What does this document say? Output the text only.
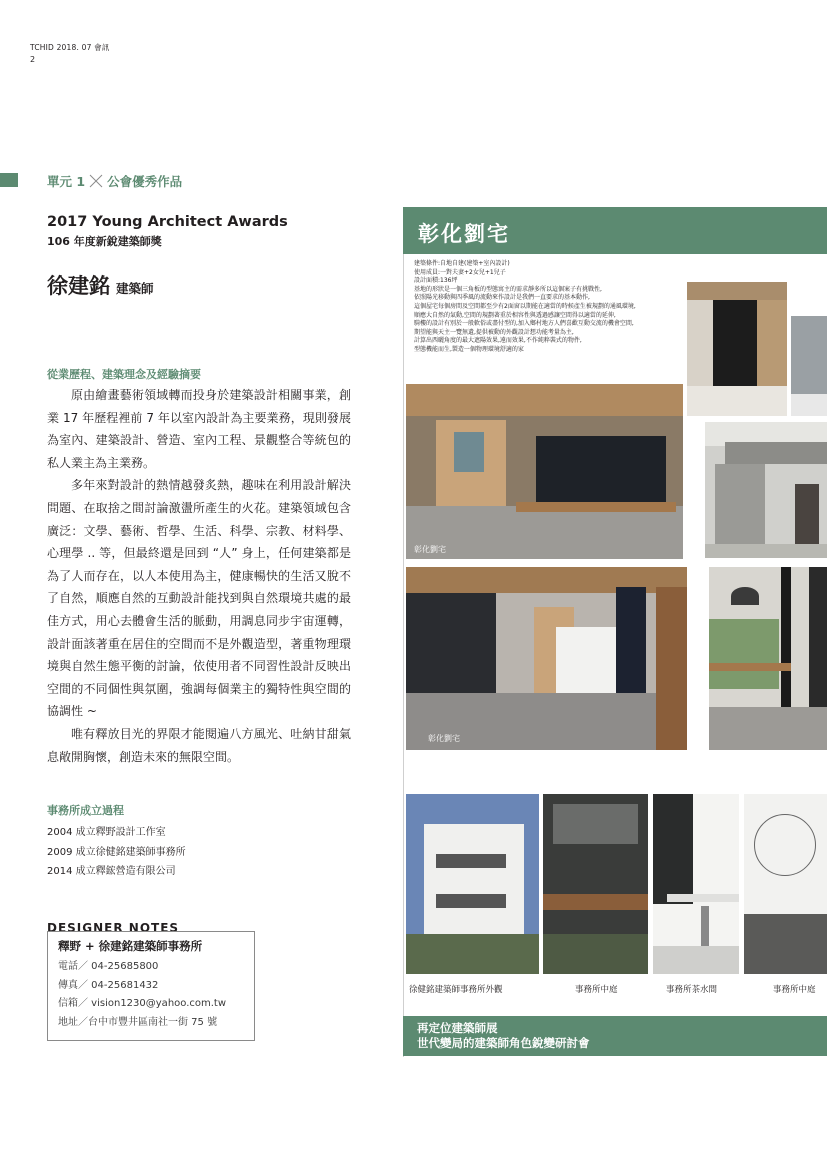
TCHID 2018. 07 會訊
2
單元 1 公會優秀作品
2017 Young Architect Awards
106 年度新銳建築師獎
徐建銘 建築師
從業歷程、建築理念及經驗摘要

原由繪畫藝術領域轉而投身於建築設計相關事業，創業 17 年歷程裡前 7 年以室內設計為主要業務，現則發展為室內、建築設計、營造、室內工程、景觀整合等統包的私人業主為主業務。

多年來對設計的熱情越發炙熱，趣味在利用設計解決問題、在取捨之間討論激盪所產生的火花。建築領域包含廣泛：文學、藝術、哲學、生活、科學、宗教、材料學、心理學 .. 等，但最終還是回到 “人” 身上，任何建築都是為了人而存在，以人本使用為主，健康暢快的生活又脫不了自然，順應自然的互動設計能找到與自然環境共處的最佳方式，用心去體會生活的脈動，用調息同步宇宙運轉，設計面該著重在居住的空間而不是外觀造型，著重物理環境與自然生態平衡的討論，依使用者不同習性設計反映出空間的不同個性與氛圍，強調每個業主的獨特性與空間的協調性 ~

唯有釋放目光的界限才能閱遍八方風光、吐納甘甜氣息敞開胸懷，創造未來的無限空間。

事務所成立過程
2004 成立釋野設計工作室
2009 成立徐健銘建築師事務所
2014 成立釋鋐營造有限公司
DESIGNER NOTES
釋野 + 徐建銘建築師事務所
電話／ 04-25685800
傳真／ 04-25681432
信箱／ vision1230@yahoo.com.tw
地址／台中市豐井區南社一街 75 號
彰化劉宅
建築條件:自地自建(建築+室內設計)
使用成員:一對夫妻+2女兒+1兒子
設計面積:136坪
基地的形狀是一個三角板的型態寓主的需求靜多所以這個案子有挑戰性,
依照陽光移動與四季風的流動來作設計是我們一直要求的基本動作,
這個屋宅每個房間及空間都至少有2面窗以期能在適當的時候產生被規劃的通風環境,
順應大自然的氣動,空間的規劃著重於相容性與透過感讓空間得以適當的延伸,
騎樓的設計有別於一般軟俗或盡付型的,加入鄉村地方人們喜歡互動交流的機會空間,
期望能與天主一覽無遺,提供被動的外觀設計想功能考量為主,
計算出西曬角度的最大遮陽效果,遠而效果,不作純粹裝式的物件,
型態機能而生,製造一個物理環境舒適的家
彰化劉宅
彰化劉宅
徐健銘建築師事務所外觀	事務所中庭	事務所茶水間	事務所中庭
再定位建築師展
世代變局的建築師角色銳變研討會
